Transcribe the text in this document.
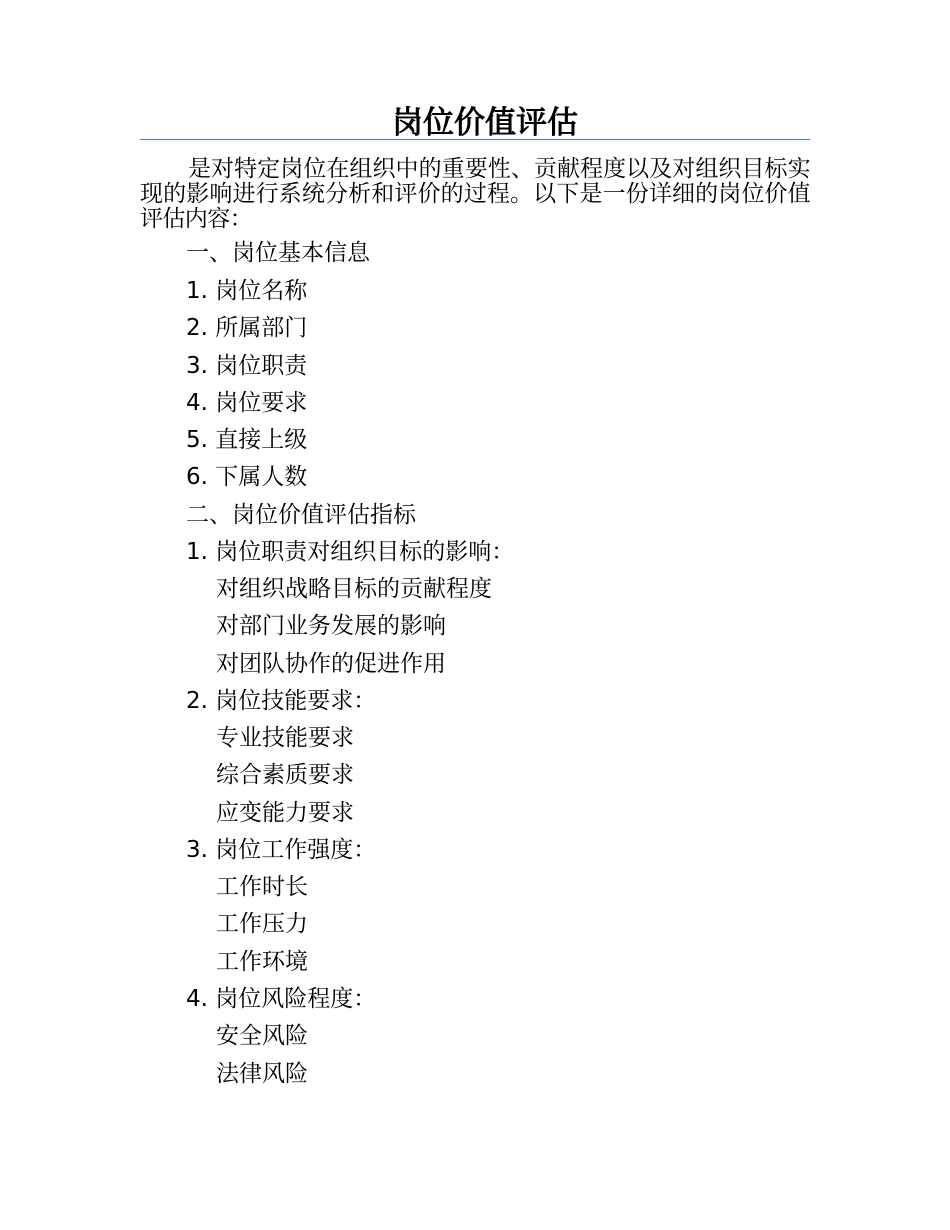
岗位价值评估

是对特定岗位在组织中的重要性、贡献程度以及对组织目标实现的影响进行系统分析和评价的过程。以下是一份详细的岗位价值评估内容：

一、岗位基本信息

1. 岗位名称

2. 所属部门

3. 岗位职责

4. 岗位要求

5. 直接上级

6. 下属人数

二、岗位价值评估指标

1. 岗位职责对组织目标的影响：

对组织战略目标的贡献程度

对部门业务发展的影响

对团队协作的促进作用

2. 岗位技能要求：

专业技能要求

综合素质要求

应变能力要求

3. 岗位工作强度：

工作时长

工作压力

工作环境

4. 岗位风险程度：

安全风险

法律风险
